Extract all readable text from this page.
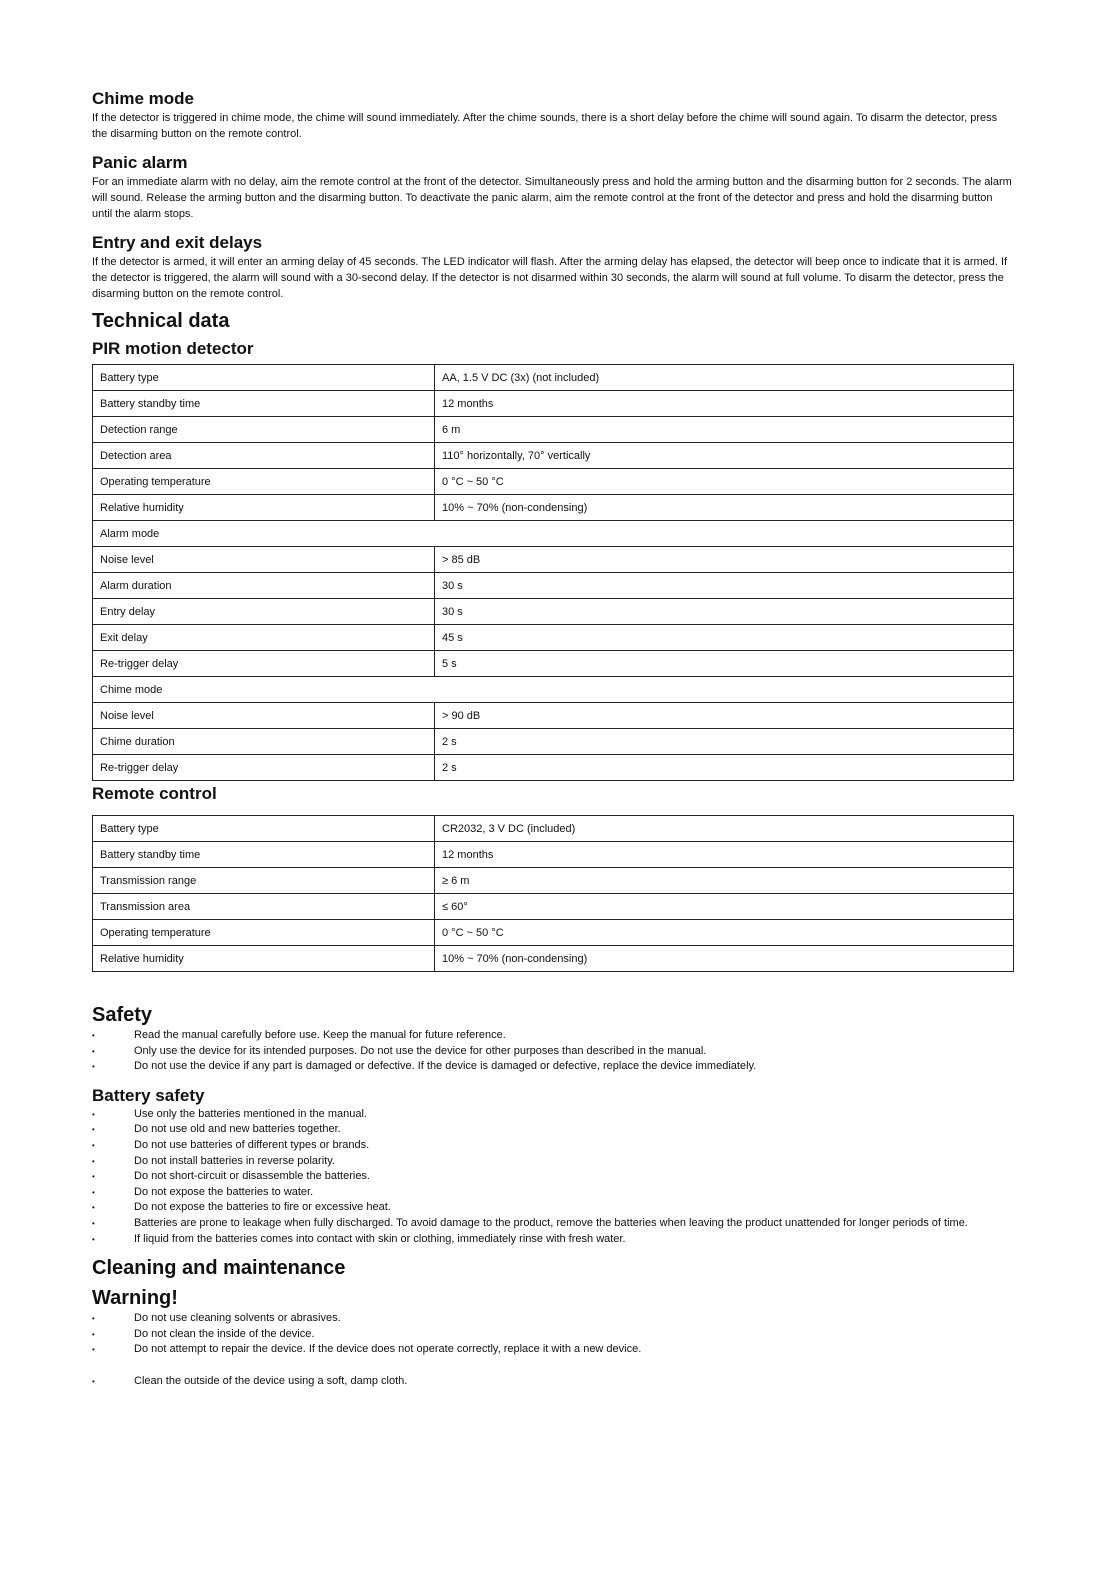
Chime mode

If the detector is triggered in chime mode, the chime will sound immediately. After the chime sounds, there is a short delay before the chime will sound again. To disarm the detector, press the disarming button on the remote control.

Panic alarm

For an immediate alarm with no delay, aim the remote control at the front of the detector. Simultaneously press and hold the arming button and the disarming button for 2 seconds. The alarm will sound. Release the arming button and the disarming button. To deactivate the panic alarm, aim the remote control at the front of the detector and press and hold the disarming button until the alarm stops.

Entry and exit delays

If the detector is armed, it will enter an arming delay of 45 seconds. The LED indicator will flash. After the arming delay has elapsed, the detector will beep once to indicate that it is armed. If the detector is triggered, the alarm will sound with a 30-second delay. If the detector is not disarmed within 30 seconds, the alarm will sound at full volume. To disarm the detector, press the disarming button on the remote control.

Technical data
PIR motion detector
Battery type	AA, 1.5 V DC (3x) (not included)
Battery standby time	12 months
Detection range	6 m
Detection area	110° horizontally, 70° vertically
Operating temperature	0 °C ~ 50 °C
Relative humidity	10% ~ 70% (non-condensing)
Alarm mode	
Noise level	> 85 dB
Alarm duration	30 s
Entry delay	30 s
Exit delay	45 s
Re-trigger delay	5 s
Chime mode	
Noise level	> 90 dB
Chime duration	2 s
Re-trigger delay	2 s
Remote control
Battery type	CR2032, 3 V DC (included)
Battery standby time	12 months
Transmission range	≥ 6 m
Transmission area	≤ 60°
Operating temperature	0 °C ~ 50 °C
Relative humidity	10% ~ 70% (non-condensing)
Safety
• Read the manual carefully before use. Keep the manual for future reference.
• Only use the device for its intended purposes. Do not use the device for other purposes than described in the manual.
• Do not use the device if any part is damaged or defective. If the device is damaged or defective, replace the device immediately.
Battery safety
• Use only the batteries mentioned in the manual.
• Do not use old and new batteries together.
• Do not use batteries of different types or brands.
• Do not install batteries in reverse polarity.
• Do not short-circuit or disassemble the batteries.
• Do not expose the batteries to water.
• Do not expose the batteries to fire or excessive heat.
• Batteries are prone to leakage when fully discharged. To avoid damage to the product, remove the batteries when leaving the product unattended for longer periods of time.
• If liquid from the batteries comes into contact with skin or clothing, immediately rinse with fresh water.
Cleaning and maintenance
Warning!
• Do not use cleaning solvents or abrasives.
• Do not clean the inside of the device.
• Do not attempt to repair the device. If the device does not operate correctly, replace it with a new device.
• Clean the outside of the device using a soft, damp cloth.
